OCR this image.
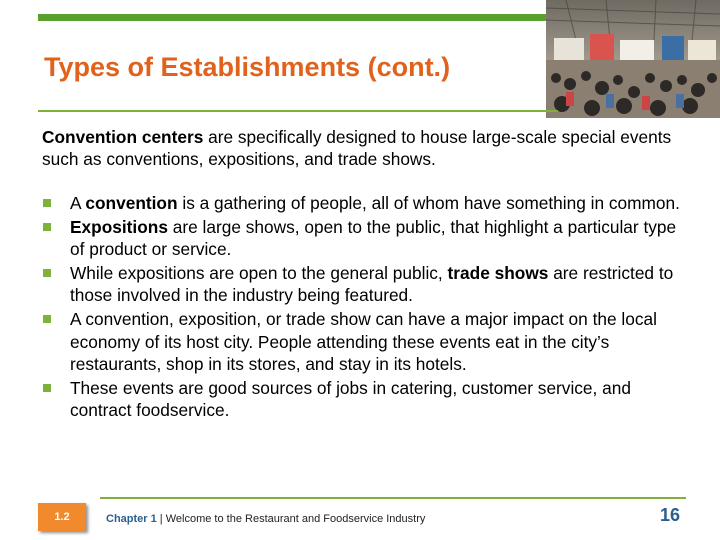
Types of Establishments (cont.)
Convention centers are specifically designed to house large-scale special events such as conventions, expositions, and trade shows.
A convention is a gathering of people, all of whom have something in common.
Expositions are large shows, open to the public, that highlight a particular type of product or service.
While expositions are open to the general public, trade shows are restricted to those involved in the industry being featured.
A convention, exposition, or trade show can have a major impact on the local economy of its host city. People attending these events eat in the city’s restaurants, shop in its stores, and stay in its hotels.
These events are good sources of jobs in catering, customer service, and contract foodservice.
1.2	Chapter 1 | Welcome to the Restaurant and Foodservice Industry	16
